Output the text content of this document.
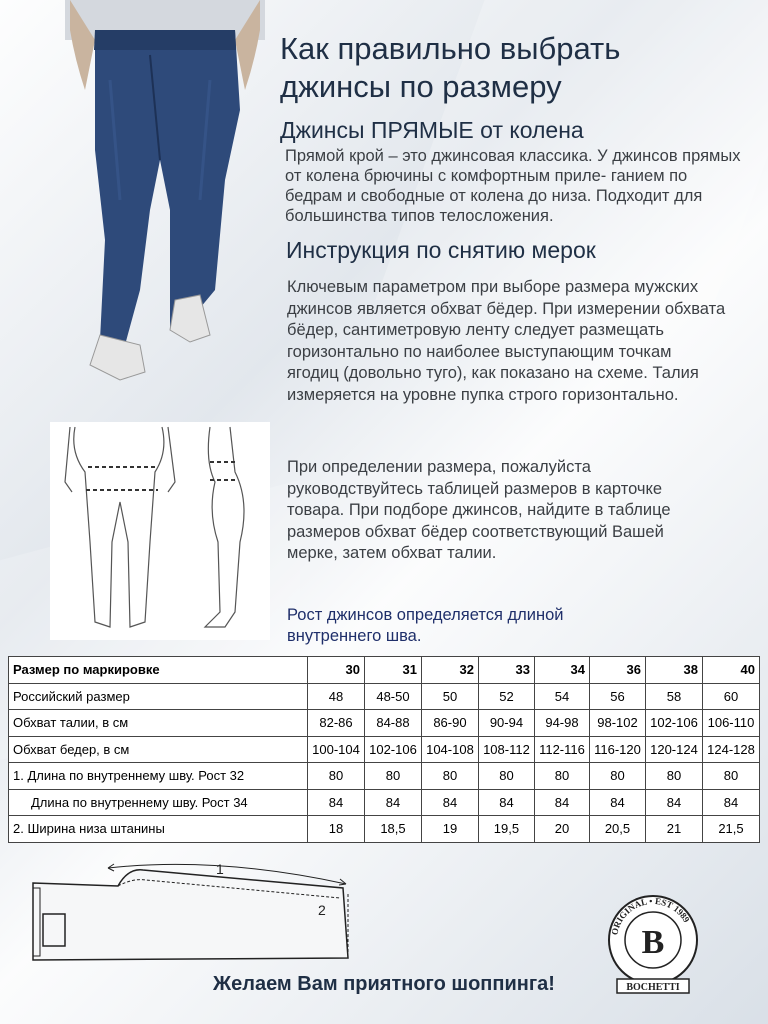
Как правильно выбрать джинсы по размеру
Джинсы ПРЯМЫЕ от колена
Прямой крой – это джинсовая классика. У джинсов прямых от колена брючины с комфортным приле- ганием по бедрам и свободные от колена до низа. Подходит для большинства типов телосложения.
Инструкция по снятию мерок
Ключевым параметром при выборе размера мужских джинсов является обхват бёдер. При измерении обхвата бёдер, сантиметровую ленту следует размещать горизонтально по наиболее выступающим точкам ягодиц (довольно туго), как показано на схеме. Талия измеряется на уровне пупка строго горизонтально.
При определении размера, пожалуйста руководствуйтесь таблицей размеров в карточке товара. При подборе джинсов, найдите в таблице размеров обхват бёдер соответствующий Вашей мерке, затем обхват талии.
Рост джинсов определяется длиной внутреннего шва.
Размер по маркировке	30	31	32	33	34	36	38	40
Российский размер	48	48-50	50	52	54	56	58	60
Обхват талии, в см	82-86	84-88	86-90	90-94	94-98	98-102	102-106	106-110
Обхват бедер, в см	100-104	102-106	104-108	108-112	112-116	116-120	120-124	124-128
1. Длина по внутреннему шву. Рост 32	80	80	80	80	80	80	80	80
Длина по внутреннему шву. Рост 34	84	84	84	84	84	84	84	84
2. Ширина низа штанины	18	18,5	19	19,5	20	20,5	21	21,5
1
2
ORIGINAL • EST 1989
B
BOCHETTI
Желаем Вам приятного шоппинга!
